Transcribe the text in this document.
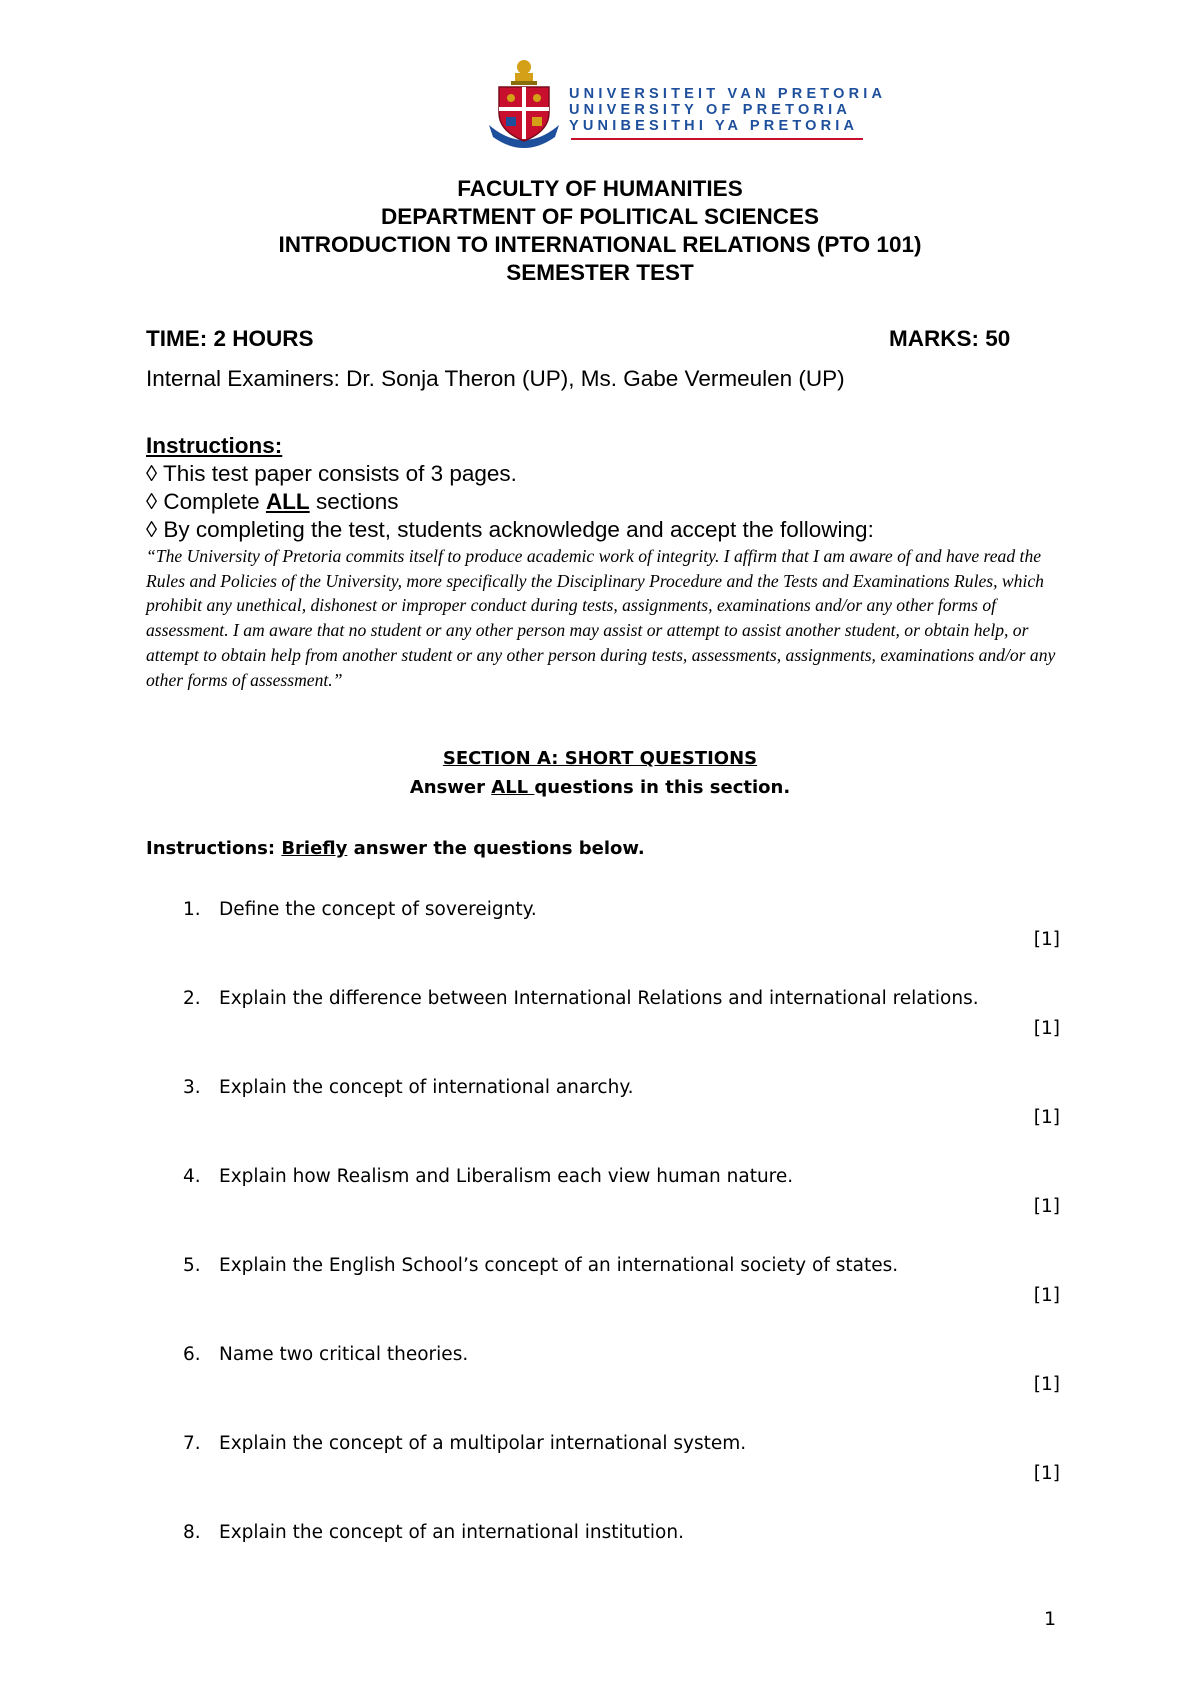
UNIVERSITEIT VAN PRETORIA
UNIVERSITY OF PRETORIA
YUNIBESITHI YA PRETORIA
FACULTY OF HUMANITIES
DEPARTMENT OF POLITICAL SCIENCES
INTRODUCTION TO INTERNATIONAL RELATIONS (PTO 101)
SEMESTER TEST
TIME: 2 HOURS	MARKS: 50
Internal Examiners: Dr. Sonja Theron (UP), Ms. Gabe Vermeulen (UP)
Instructions:
◊ This test paper consists of 3 pages.
◊ Complete ALL sections
◊ By completing the test, students acknowledge and accept the following:
“The University of Pretoria commits itself to produce academic work of integrity. I affirm that I am aware of and have read the Rules and Policies of the University, more specifically the Disciplinary Procedure and the Tests and Examinations Rules, which prohibit any unethical, dishonest or improper conduct during tests, assignments, examinations and/or any other forms of assessment. I am aware that no student or any other person may assist or attempt to assist another student, or obtain help, or attempt to obtain help from another student or any other person during tests, assessments, assignments, examinations and/or any other forms of assessment.”
SECTION A: SHORT QUESTIONS
Answer ALL questions in this section.
Instructions: Briefly answer the questions below.
1. Define the concept of sovereignty.
[1]
2. Explain the difference between International Relations and international relations.
[1]
3. Explain the concept of international anarchy.
[1]
4. Explain how Realism and Liberalism each view human nature.
[1]
5. Explain the English School’s concept of an international society of states.
[1]
6. Name two critical theories.
[1]
7. Explain the concept of a multipolar international system.
[1]
8. Explain the concept of an international institution.
1
